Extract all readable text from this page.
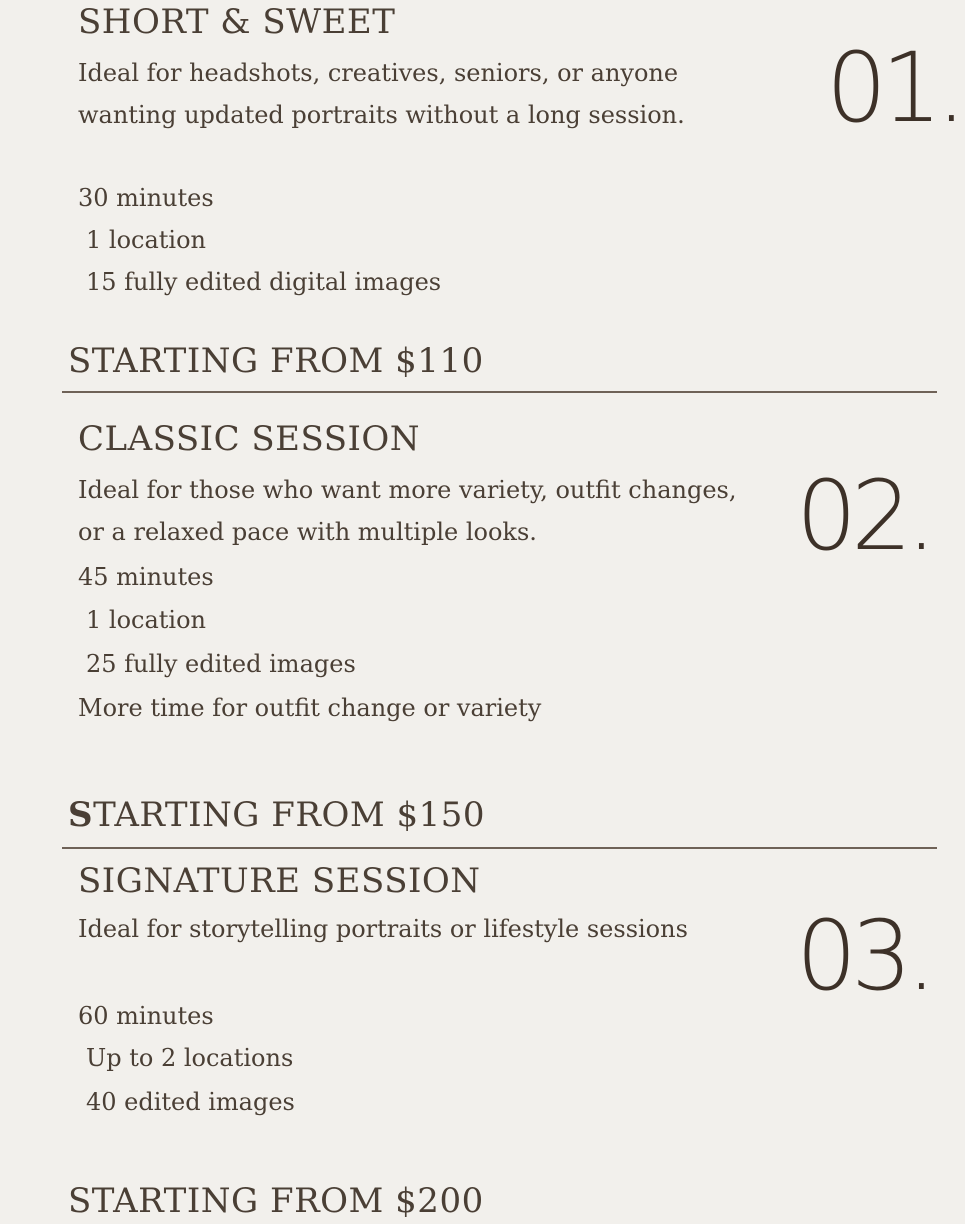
SHORT & SWEET

Ideal for headshots, creatives, seniors, or anyone

wanting updated portraits without a long session. 01.
30 minutes
1 location
15 fully edited digital images
STARTING FROM $110
CLASSIC SESSION

Ideal for those who want more variety, outfit changes,

or a relaxed pace with multiple looks.	02.
45 minutes
1 location
25 fully edited images
More time for outfit change or variety
STARTING FROM $150
SIGNATURE SESSION

Ideal for storytelling portraits or lifestyle sessions 03.
60 minutes
Up to 2 locations
40 edited images
STARTING FROM $200
